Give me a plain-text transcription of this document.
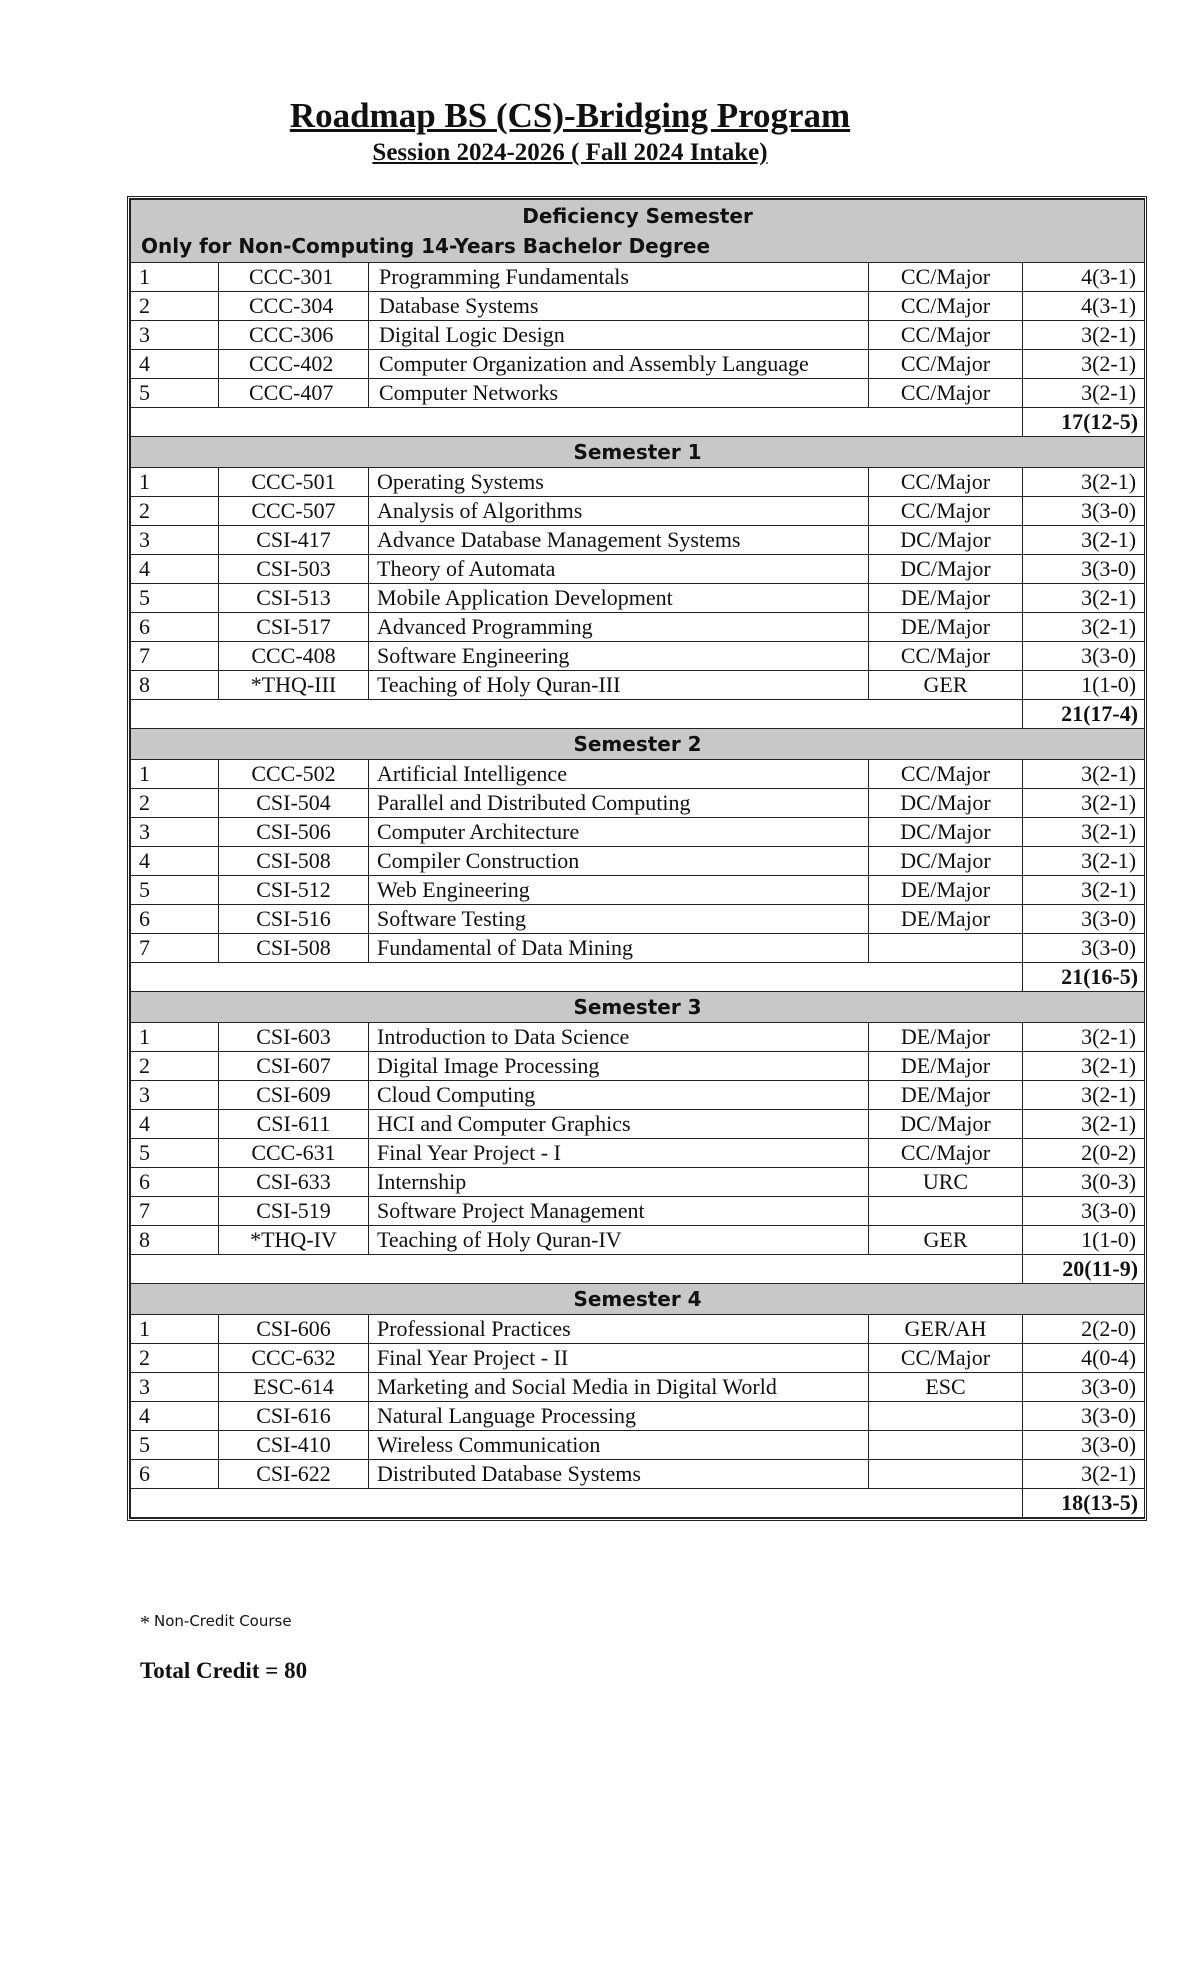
Roadmap BS (CS)-Bridging Program
Session 2024-2026 ( Fall 2024 Intake)
Deficiency Semester
Only for Non-Computing 14-Years Bachelor Degree				

1	CCC-301	Programming Fundamentals	CC/Major	4(3-1)
2	CCC-304	Database Systems	CC/Major	4(3-1)
3	CCC-306	Digital Logic Design	CC/Major	3(2-1)
4	CCC-402	Computer Organization and Assembly Language	CC/Major	3(2-1)
5	CCC-407	Computer Networks	CC/Major	3(2-1)
				17(12-5)

Semester 1				

1	CCC-501	Operating Systems	CC/Major	3(2-1)
2	CCC-507	Analysis of Algorithms	CC/Major	3(3-0)
3	CSI-417	Advance Database Management Systems	DC/Major	3(2-1)
4	CSI-503	Theory of Automata	DC/Major	3(3-0)
5	CSI-513	Mobile Application Development	DE/Major	3(2-1)
6	CSI-517	Advanced Programming	DE/Major	3(2-1)
7	CCC-408	Software Engineering	CC/Major	3(3-0)
8	*THQ-III	Teaching of Holy Quran-III	GER	1(1-0)
				21(17-4)

Semester 2				

1	CCC-502	Artificial Intelligence	CC/Major	3(2-1)
2	CSI-504	Parallel and Distributed Computing	DC/Major	3(2-1)
3	CSI-506	Computer Architecture	DC/Major	3(2-1)
4	CSI-508	Compiler Construction	DC/Major	3(2-1)
5	CSI-512	Web Engineering	DE/Major	3(2-1)
6	CSI-516	Software Testing	DE/Major	3(3-0)
7	CSI-508	Fundamental of Data Mining		3(3-0)
				21(16-5)

Semester 3				

1	CSI-603	Introduction to Data Science	DE/Major	3(2-1)
2	CSI-607	Digital Image Processing	DE/Major	3(2-1)
3	CSI-609	Cloud Computing	DE/Major	3(2-1)
4	CSI-611	HCI and Computer Graphics	DC/Major	3(2-1)
5	CCC-631	Final Year Project - I	CC/Major	2(0-2)
6	CSI-633	Internship	URC	3(0-3)
7	CSI-519	Software Project Management		3(3-0)
8	*THQ-IV	Teaching of Holy Quran-IV	GER	1(1-0)
				20(11-9)

Semester 4				

1	CSI-606	Professional Practices	GER/AH	2(2-0)
2	CCC-632	Final Year Project - II	CC/Major	4(0-4)
3	ESC-614	Marketing and Social Media in Digital World	ESC	3(3-0)
4	CSI-616	Natural Language Processing		3(3-0)
5	CSI-410	Wireless Communication		3(3-0)
6	CSI-622	Distributed Database Systems		3(2-1)
				18(13-5)
* Non-Credit Course
Total Credit = 80
